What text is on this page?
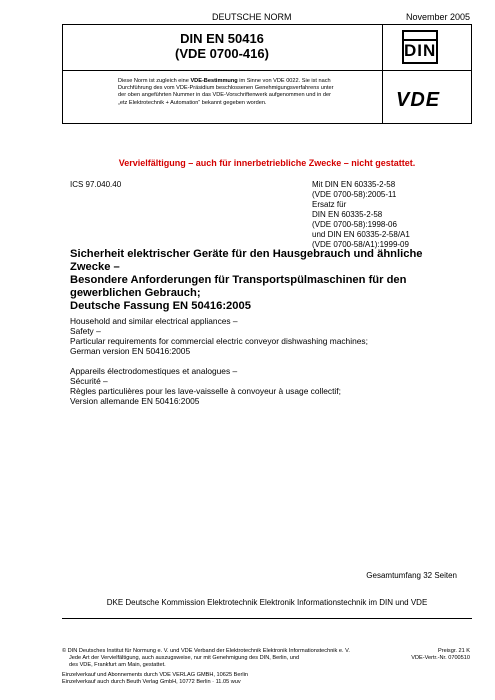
DEUTSCHE NORM	November 2005
DIN EN 50416
(VDE 0700-416)	DIN
Diese Norm ist zugleich eine VDE-Bestimmung im Sinne von VDE 0022. Sie ist nach
Durchführung des vom VDE-Präsidium beschlossenen Genehmigungsverfahrens unter
der oben angeführten Nummer in das VDE-Vorschriftenwerk aufgenommen und in der
„etz Elektrotechnik + Automation“ bekannt gegeben worden.	VDE
Vervielfältigung – auch für innerbetriebliche Zwecke – nicht gestattet.
ICS 97.040.40	Mit DIN EN 60335-2-58
(VDE 0700-58):2005-11
Ersatz für
DIN EN 60335-2-58
(VDE 0700-58):1998-06
und DIN EN 60335-2-58/A1
(VDE 0700-58/A1):1999-09
Sicherheit elektrischer Geräte für den Hausgebrauch und ähnliche
Zwecke –
Besondere Anforderungen für Transportspülmaschinen für den
gewerblichen Gebrauch;
Deutsche Fassung EN 50416:2005
Household and similar electrical appliances –
Safety –
Particular requirements for commercial electric conveyor dishwashing machines;
German version EN 50416:2005
Appareils électrodomestiques et analogues –
Sécurité –
Règles particulières pour les lave-vaisselle à convoyeur à usage collectif;
Version allemande EN 50416:2005
Gesamtumfang 32 Seiten
DKE Deutsche Kommission Elektrotechnik Elektronik Informationstechnik im DIN und VDE
© DIN Deutsches Institut für Normung e. V. und VDE Verband der Elektrotechnik Elektronik Informationstechnik e. V.
Jede Art der Vervielfältigung, auch auszugsweise, nur mit Genehmigung des DIN, Berlin, und
des VDE, Frankfurt am Main, gestattet.
Einzelverkauf und Abonnements durch VDE VERLAG GMBH, 10625 Berlin
Einzelverkauf auch durch Beuth Verlag GmbH, 10772 Berlin · 11.05 wuv
Preisgr. 21 K
VDE-Vertr.-Nr. 0700510
